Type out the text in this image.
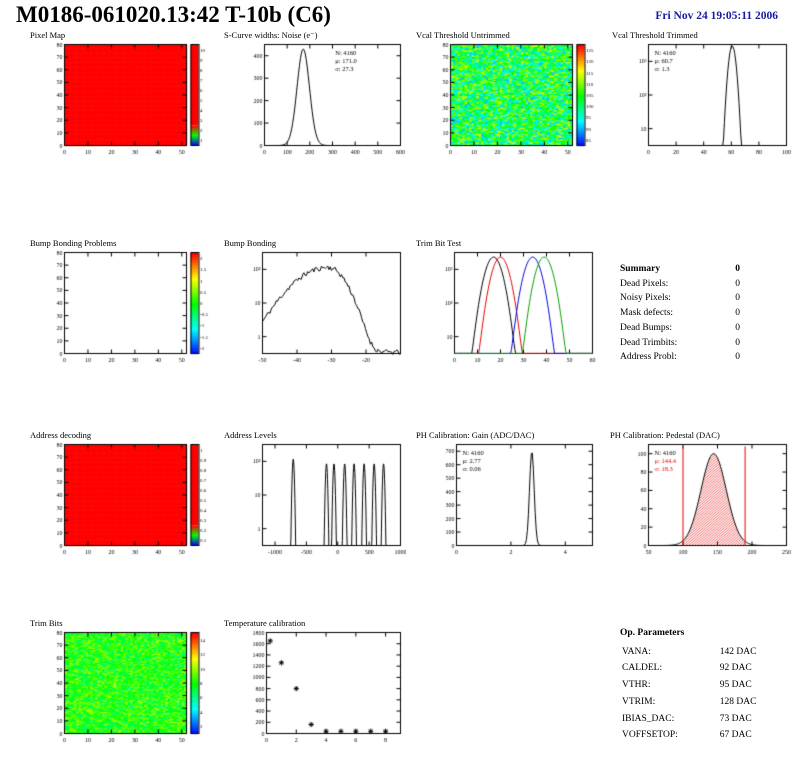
M0186-061020.13:42 T-10b (C6)	Fri Nov 24 19:05:11 2006
Pixel Map	S-Curve widths: Noise (e⁻)	Vcal Threshold Untrimmed	Vcal Threshold Trimmed
Bump Bonding Problems	Bump Bonding	Trim Bit Test
Summary	0
Dead Pixels:	0
Noisy Pixels:	0
Mask defects:	0
Dead Bumps:	0
Dead Trimbits:	0
Address Probl:	0
Address decoding	Address Levels	PH Calibration: Gain (ADC/DAC)	PH Calibration: Pedestal (DAC)
Trim Bits	Temperature calibration
Op. Parameters
VANA:	142 DAC
CALDEL:	92 DAC
VTHR:	95 DAC
VTRIM:	128 DAC
IBIAS_DAC:	73 DAC
VOFFSETOP:	67 DAC
